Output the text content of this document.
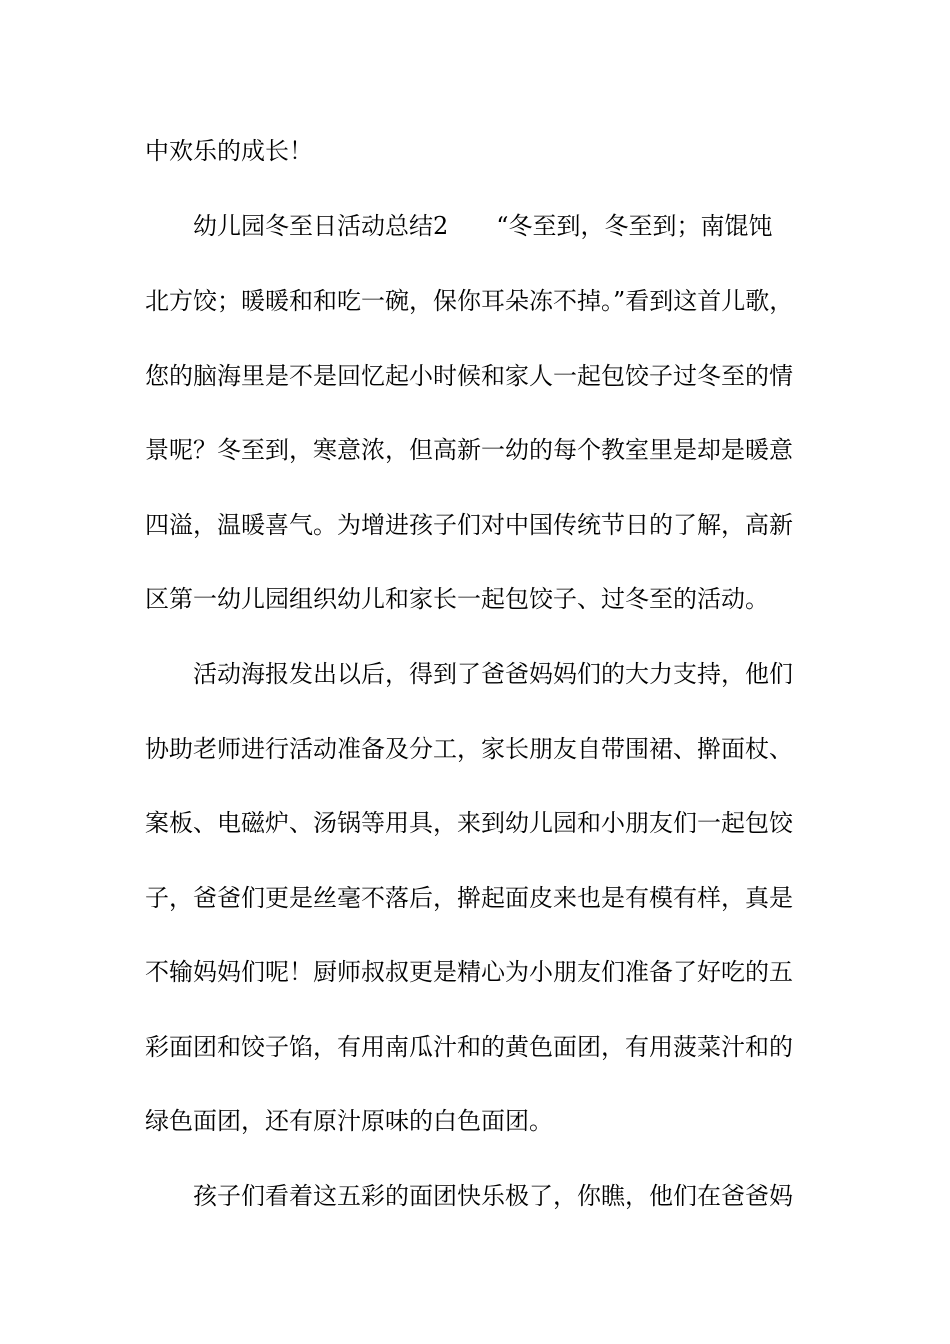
中欢乐的成长！
幼儿园冬至日活动总结2　　“冬至到，冬至到；南馄饨
北方饺；暖暖和和吃一碗，保你耳朵冻不掉。”看到这首儿歌，
您的脑海里是不是回忆起小时候和家人一起包饺子过冬至的情
景呢？冬至到，寒意浓，但高新一幼的每个教室里是却是暖意
四溢，温暖喜气。为增进孩子们对中国传统节日的了解，高新
区第一幼儿园组织幼儿和家长一起包饺子、过冬至的活动。
活动海报发出以后，得到了爸爸妈妈们的大力支持，他们
协助老师进行活动准备及分工，家长朋友自带围裙、擀面杖、
案板、电磁炉、汤锅等用具，来到幼儿园和小朋友们一起包饺
子，爸爸们更是丝毫不落后，擀起面皮来也是有模有样，真是
不输妈妈们呢！厨师叔叔更是精心为小朋友们准备了好吃的五
彩面团和饺子馅，有用南瓜汁和的黄色面团，有用菠菜汁和的
绿色面团，还有原汁原味的白色面团。
孩子们看着这五彩的面团快乐极了，你瞧，他们在爸爸妈
